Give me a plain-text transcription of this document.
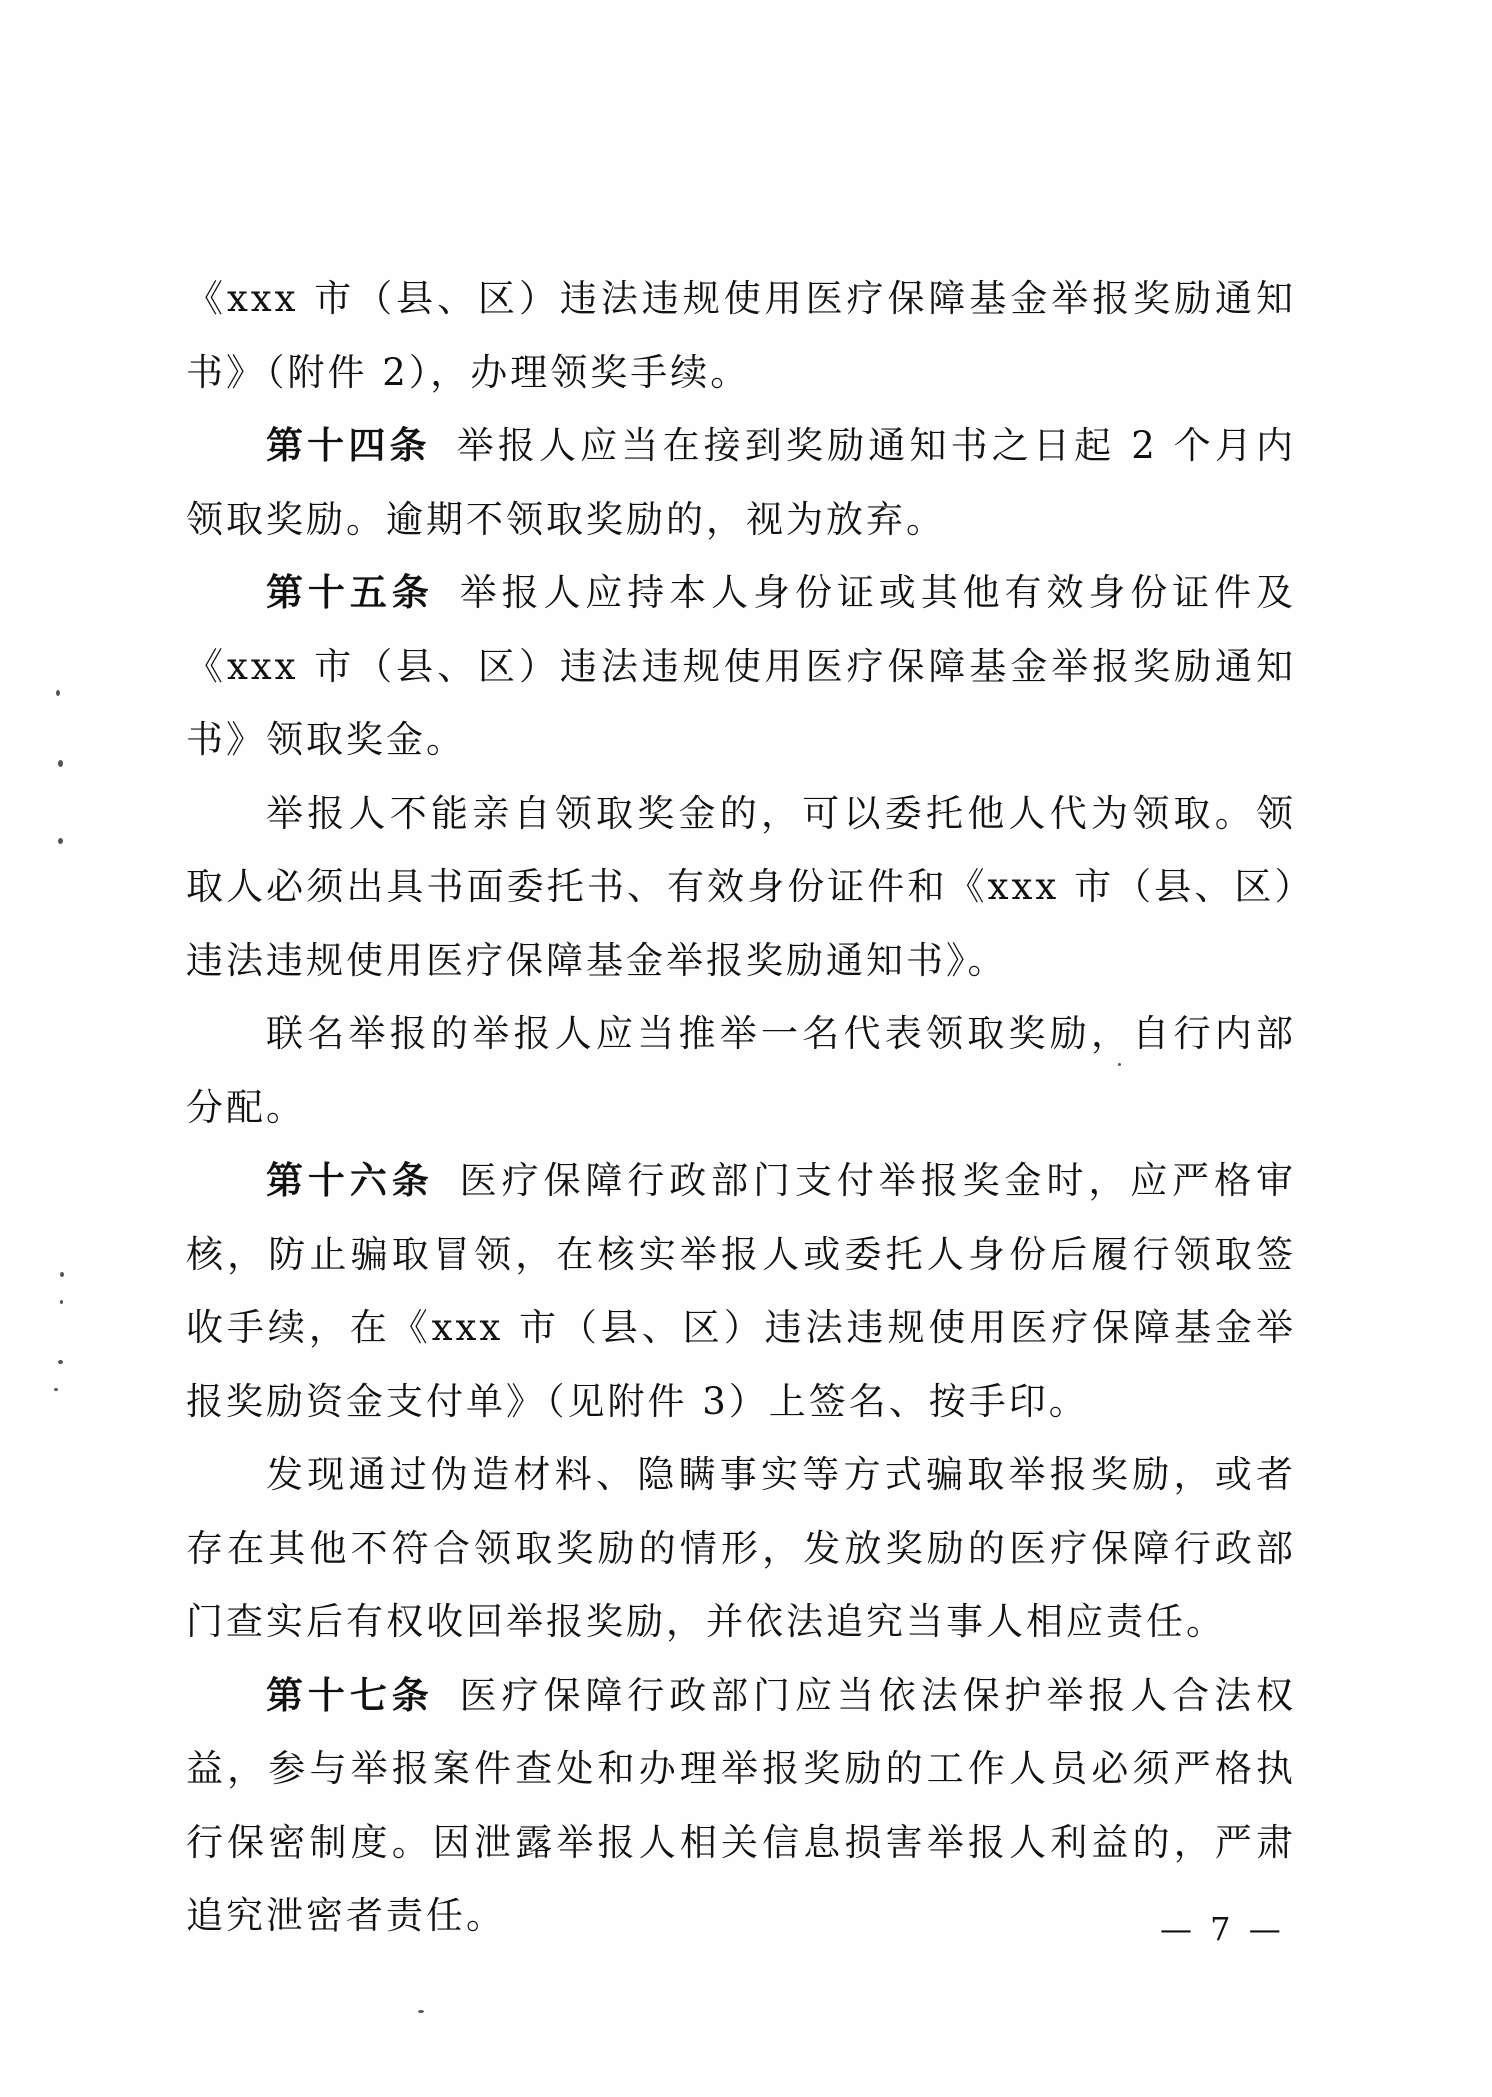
《xxx 市（县、区）违法违规使用医疗保障基金举报奖励通知书》（附件 2），办理领奖手续。

第十四条 举报人应当在接到奖励通知书之日起 2 个月内领取奖励。逾期不领取奖励的，视为放弃。

第十五条 举报人应持本人身份证或其他有效身份证件及《xxx 市（县、区）违法违规使用医疗保障基金举报奖励通知书》领取奖金。

举报人不能亲自领取奖金的，可以委托他人代为领取。领取人必须出具书面委托书、有效身份证件和《xxx 市（县、区）违法违规使用医疗保障基金举报奖励通知书》。

联名举报的举报人应当推举一名代表领取奖励，自行内部分配。

第十六条 医疗保障行政部门支付举报奖金时，应严格审核，防止骗取冒领，在核实举报人或委托人身份后履行领取签收手续，在《xxx 市（县、区）违法违规使用医疗保障基金举报奖励资金支付单》（见附件 3）上签名、按手印。

发现通过伪造材料、隐瞒事实等方式骗取举报奖励，或者存在其他不符合领取奖励的情形，发放奖励的医疗保障行政部门查实后有权收回举报奖励，并依法追究当事人相应责任。

第十七条 医疗保障行政部门应当依法保护举报人合法权益，参与举报案件查处和办理举报奖励的工作人员必须严格执行保密制度。因泄露举报人相关信息损害举报人利益的，严肃追究泄密者责任。	— 7 —
